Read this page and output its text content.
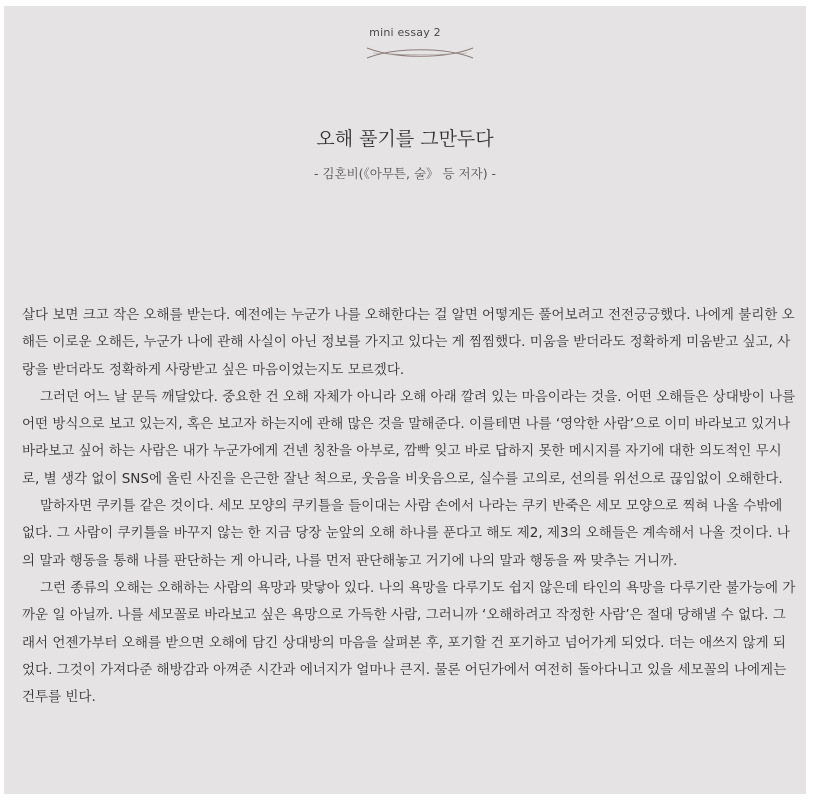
mini essay 2
오해 풀기를 그만두다
- 김혼비(《아무튼, 술》 등 저자) -

살다 보면 크고 작은 오해를 받는다. 예전에는 누군가 나를 오해한다는 걸 알면 어떻게든 풀어보려고 전전긍긍했다. 나에게 불리한 오해든 이로운 오해든, 누군가 나에 관해 사실이 아닌 정보를 가지고 있다는 게 찜찜했다. 미움을 받더라도 정확하게 미움받고 싶고, 사랑을 받더라도 정확하게 사랑받고 싶은 마음이었는지도 모르겠다.

그러던 어느 날 문득 깨달았다. 중요한 건 오해 자체가 아니라 오해 아래 깔려 있는 마음이라는 것을. 어떤 오해들은 상대방이 나를 어떤 방식으로 보고 있는지, 혹은 보고자 하는지에 관해 많은 것을 말해준다. 이를테면 나를 ‘영악한 사람’으로 이미 바라보고 있거나 바라보고 싶어 하는 사람은 내가 누군가에게 건넨 칭찬을 아부로, 깜빡 잊고 바로 답하지 못한 메시지를 자기에 대한 의도적인 무시로, 별 생각 없이 SNS에 올린 사진을 은근한 잘난 척으로, 웃음을 비웃음으로, 실수를 고의로, 선의를 위선으로 끊임없이 오해한다.

말하자면 쿠키틀 같은 것이다. 세모 모양의 쿠키틀을 들이대는 사람 손에서 나라는 쿠키 반죽은 세모 모양으로 찍혀 나올 수밖에 없다. 그 사람이 쿠키틀을 바꾸지 않는 한 지금 당장 눈앞의 오해 하나를 푼다고 해도 제2, 제3의 오해들은 계속해서 나올 것이다. 나의 말과 행동을 통해 나를 판단하는 게 아니라, 나를 먼저 판단해놓고 거기에 나의 말과 행동을 짜 맞추는 거니까.

그런 종류의 오해는 오해하는 사람의 욕망과 맞닿아 있다. 나의 욕망을 다루기도 쉽지 않은데 타인의 욕망을 다루기란 불가능에 가까운 일 아닐까. 나를 세모꼴로 바라보고 싶은 욕망으로 가득한 사람, 그러니까 ‘오해하려고 작정한 사람’은 절대 당해낼 수 없다. 그래서 언젠가부터 오해를 받으면 오해에 담긴 상대방의 마음을 살펴본 후, 포기할 건 포기하고 넘어가게 되었다. 더는 애쓰지 않게 되었다. 그것이 가져다준 해방감과 아껴준 시간과 에너지가 얼마나 큰지. 물론 어딘가에서 여전히 돌아다니고 있을 세모꼴의 나에게는 건투를 빈다.
